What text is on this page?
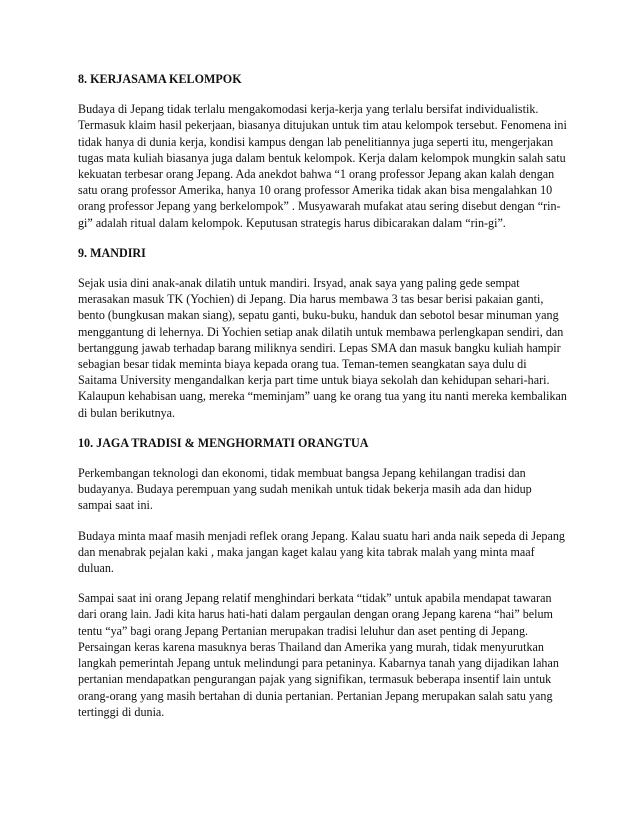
8. KERJASAMA KELOMPOK
Budaya di Jepang tidak terlalu mengakomodasi kerja-kerja yang terlalu bersifat individualistik. Termasuk klaim hasil pekerjaan, biasanya ditujukan untuk tim atau kelompok tersebut. Fenomena ini tidak hanya di dunia kerja, kondisi kampus dengan lab penelitiannya juga seperti itu, mengerjakan tugas mata kuliah biasanya juga dalam bentuk kelompok. Kerja dalam kelompok mungkin salah satu kekuatan terbesar orang Jepang. Ada anekdot bahwa “1 orang professor Jepang akan kalah dengan satu orang professor Amerika, hanya 10 orang professor Amerika tidak akan bisa mengalahkan 10 orang professor Jepang yang berkelompok” . Musyawarah mufakat atau sering disebut dengan “rin-gi” adalah ritual dalam kelompok. Keputusan strategis harus dibicarakan dalam “rin-gi”.
9. MANDIRI
Sejak usia dini anak-anak dilatih untuk mandiri. Irsyad, anak saya yang paling gede sempat merasakan masuk TK (Yochien) di Jepang. Dia harus membawa 3 tas besar berisi pakaian ganti, bento (bungkusan makan siang), sepatu ganti, buku-buku, handuk dan sebotol besar minuman yang menggantung di lehernya. Di Yochien setiap anak dilatih untuk membawa perlengkapan sendiri, dan bertanggung jawab terhadap barang miliknya sendiri. Lepas SMA dan masuk bangku kuliah hampir sebagian besar tidak meminta biaya kepada orang tua. Teman-temen seangkatan saya dulu di Saitama University mengandalkan kerja part time untuk biaya sekolah dan kehidupan sehari-hari. Kalaupun kehabisan uang, mereka “meminjam” uang ke orang tua yang itu nanti mereka kembalikan di bulan berikutnya.
10. JAGA TRADISI & MENGHORMATI ORANGTUA
Perkembangan teknologi dan ekonomi, tidak membuat bangsa Jepang kehilangan tradisi dan budayanya. Budaya perempuan yang sudah menikah untuk tidak bekerja masih ada dan hidup sampai saat ini.
Budaya minta maaf masih menjadi reflek orang Jepang. Kalau suatu hari anda naik sepeda di Jepang dan menabrak pejalan kaki , maka jangan kaget kalau yang kita tabrak malah yang minta maaf duluan.
Sampai saat ini orang Jepang relatif menghindari berkata “tidak” untuk apabila mendapat tawaran dari orang lain. Jadi kita harus hati-hati dalam pergaulan dengan orang Jepang karena “hai” belum tentu “ya” bagi orang Jepang Pertanian merupakan tradisi leluhur dan aset penting di Jepang. Persaingan keras karena masuknya beras Thailand dan Amerika yang murah, tidak menyurutkan langkah pemerintah Jepang untuk melindungi para petaninya. Kabarnya tanah yang dijadikan lahan pertanian mendapatkan pengurangan pajak yang signifikan, termasuk beberapa insentif lain untuk orang-orang yang masih bertahan di dunia pertanian. Pertanian Jepang merupakan salah satu yang tertinggi di dunia.
